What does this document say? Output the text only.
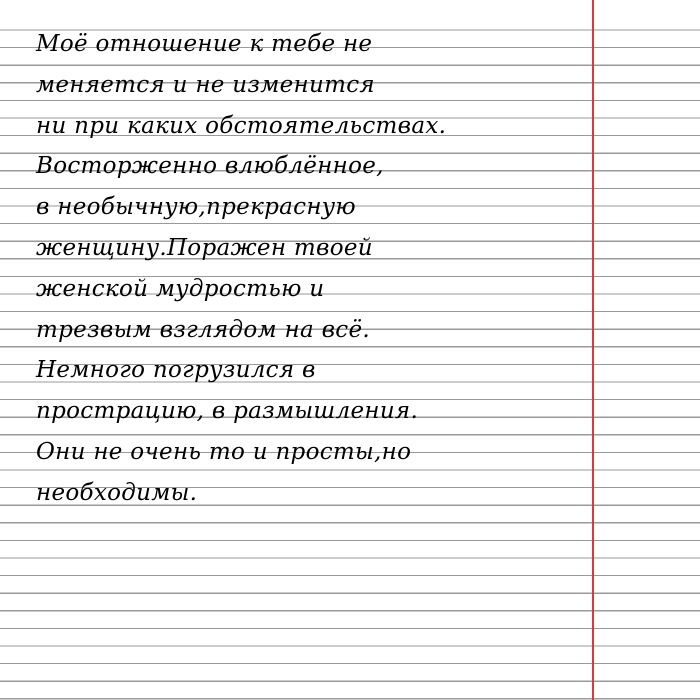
Моё отношение к тебе не
меняется и не изменится
ни при каких обстоятельствах.
Восторженно влюблённое,
в необычную,прекрасную
женщину.Поражен твоей
женской мудростью и
трезвым взглядом на всё.
Немного погрузился в
прострацию, в размышления.
Они не очень то и просты,но
необходимы.
